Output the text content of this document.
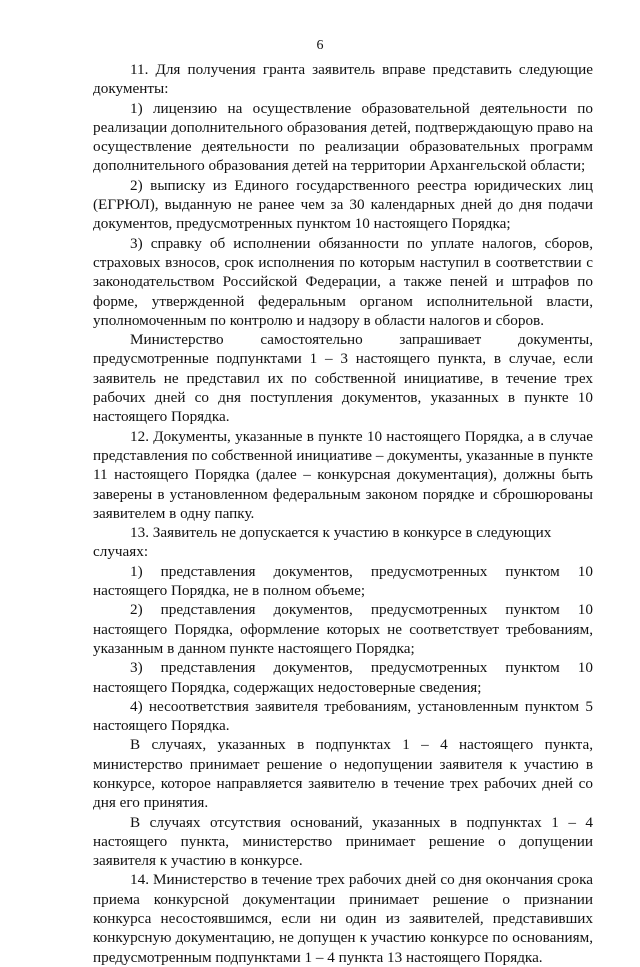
6

11. Для получения гранта заявитель вправе представить следующие документы:

1) лицензию на осуществление образовательной деятельности по реализации дополнительного образования детей, подтверждающую право на осуществление деятельности по реализации образовательных программ дополнительного образования детей на территории Архангельской области;

2) выписку из Единого государственного реестра юридических лиц (ЕГРЮЛ), выданную не ранее чем за 30 календарных дней до дня подачи документов, предусмотренных пунктом 10 настоящего Порядка;

3) справку об исполнении обязанности по уплате налогов, сборов, страховых взносов, срок исполнения по которым наступил в соответствии с законодательством Российской Федерации, а также пеней и штрафов по форме, утвержденной федеральным органом исполнительной власти, уполномоченным по контролю и надзору в области налогов и сборов.

Министерство самостоятельно запрашивает документы, предусмотренные подпунктами 1 – 3 настоящего пункта, в случае, если заявитель не представил их по собственной инициативе, в течение трех рабочих дней со дня поступления документов, указанных в пункте 10 настоящего Порядка.

12. Документы, указанные в пункте 10 настоящего Порядка, а в случае представления по собственной инициативе – документы, указанные в пункте 11 настоящего Порядка (далее – конкурсная документация), должны быть заверены в установленном федеральным законом порядке и сброшюрованы заявителем в одну папку.

13. Заявитель не допускается к участию в конкурсе в следующих случаях:

1) представления документов, предусмотренных пунктом 10 настоящего Порядка, не в полном объеме;

2) представления документов, предусмотренных пунктом 10 настоящего Порядка, оформление которых не соответствует требованиям, указанным в данном пункте настоящего Порядка;

3) представления документов, предусмотренных пунктом 10 настоящего Порядка, содержащих недостоверные сведения;

4) несоответствия заявителя требованиям, установленным пунктом 5 настоящего Порядка.

В случаях, указанных в подпунктах 1 – 4 настоящего пункта, министерство принимает решение о недопущении заявителя к участию в конкурсе, которое направляется заявителю в течение трех рабочих дней со дня его принятия.

В случаях отсутствия оснований, указанных в подпунктах 1 – 4 настоящего пункта, министерство принимает решение о допущении заявителя к участию в конкурсе.

14. Министерство в течение трех рабочих дней со дня окончания срока приема конкурсной документации принимает решение о признании конкурса несостоявшимся, если ни один из заявителей, представивших конкурсную документацию, не допущен к участию конкурсе по основаниям, предусмотренным подпунктами 1 – 4 пункта 13 настоящего Порядка.
